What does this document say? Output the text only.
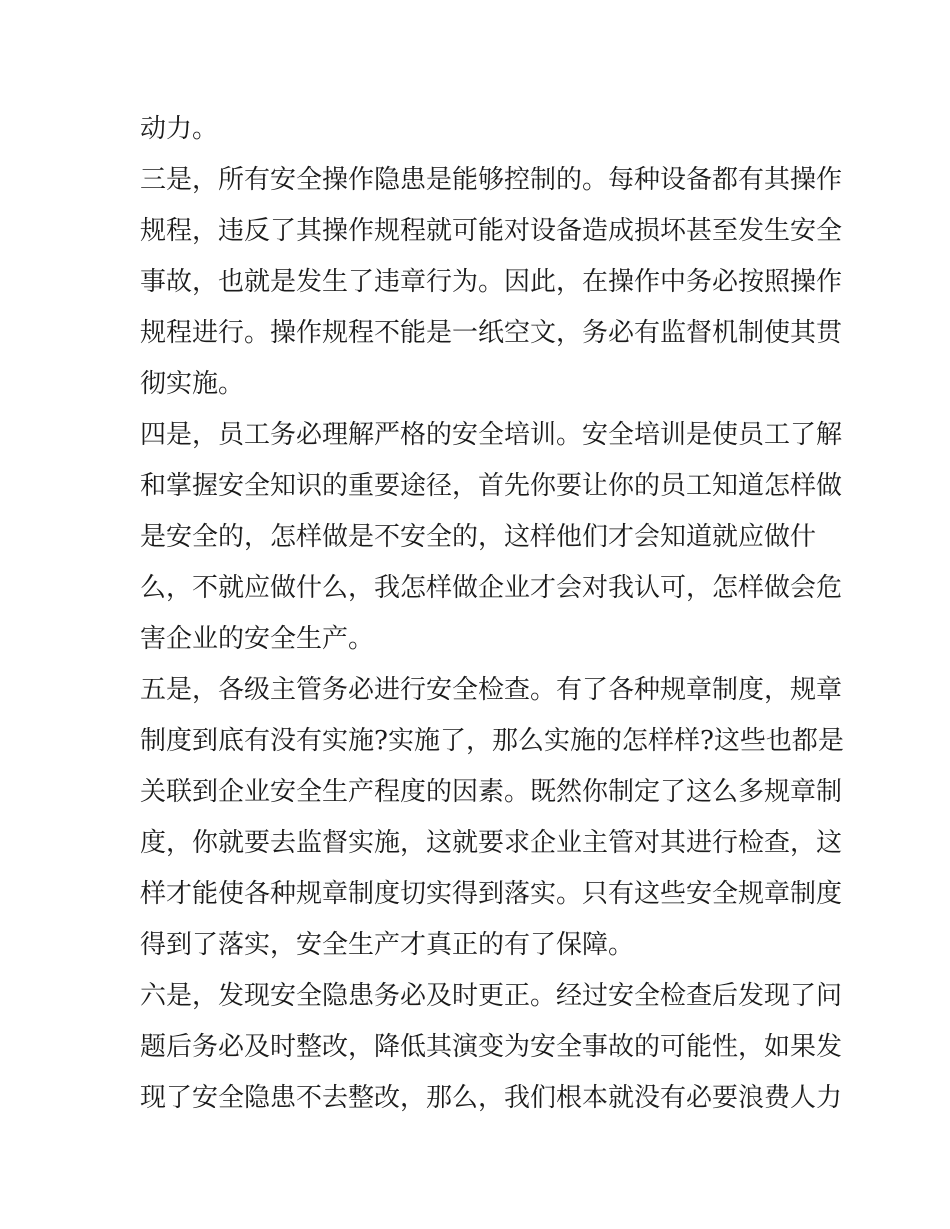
动力。
三是，所有安全操作隐患是能够控制的。每种设备都有其操作
规程，违反了其操作规程就可能对设备造成损坏甚至发生安全
事故，也就是发生了违章行为。因此，在操作中务必按照操作
规程进行。操作规程不能是一纸空文，务必有监督机制使其贯
彻实施。
四是，员工务必理解严格的安全培训。安全培训是使员工了解
和掌握安全知识的重要途径，首先你要让你的员工知道怎样做
是安全的，怎样做是不安全的，这样他们才会知道就应做什
么，不就应做什么，我怎样做企业才会对我认可，怎样做会危
害企业的安全生产。
五是，各级主管务必进行安全检查。有了各种规章制度，规章
制度到底有没有实施?实施了，那么实施的怎样样?这些也都是
关联到企业安全生产程度的因素。既然你制定了这么多规章制
度，你就要去监督实施，这就要求企业主管对其进行检查，这
样才能使各种规章制度切实得到落实。只有这些安全规章制度
得到了落实，安全生产才真正的有了保障。
六是，发现安全隐患务必及时更正。经过安全检查后发现了问
题后务必及时整改，降低其演变为安全事故的可能性，如果发
现了安全隐患不去整改，那么，我们根本就没有必要浪费人力
